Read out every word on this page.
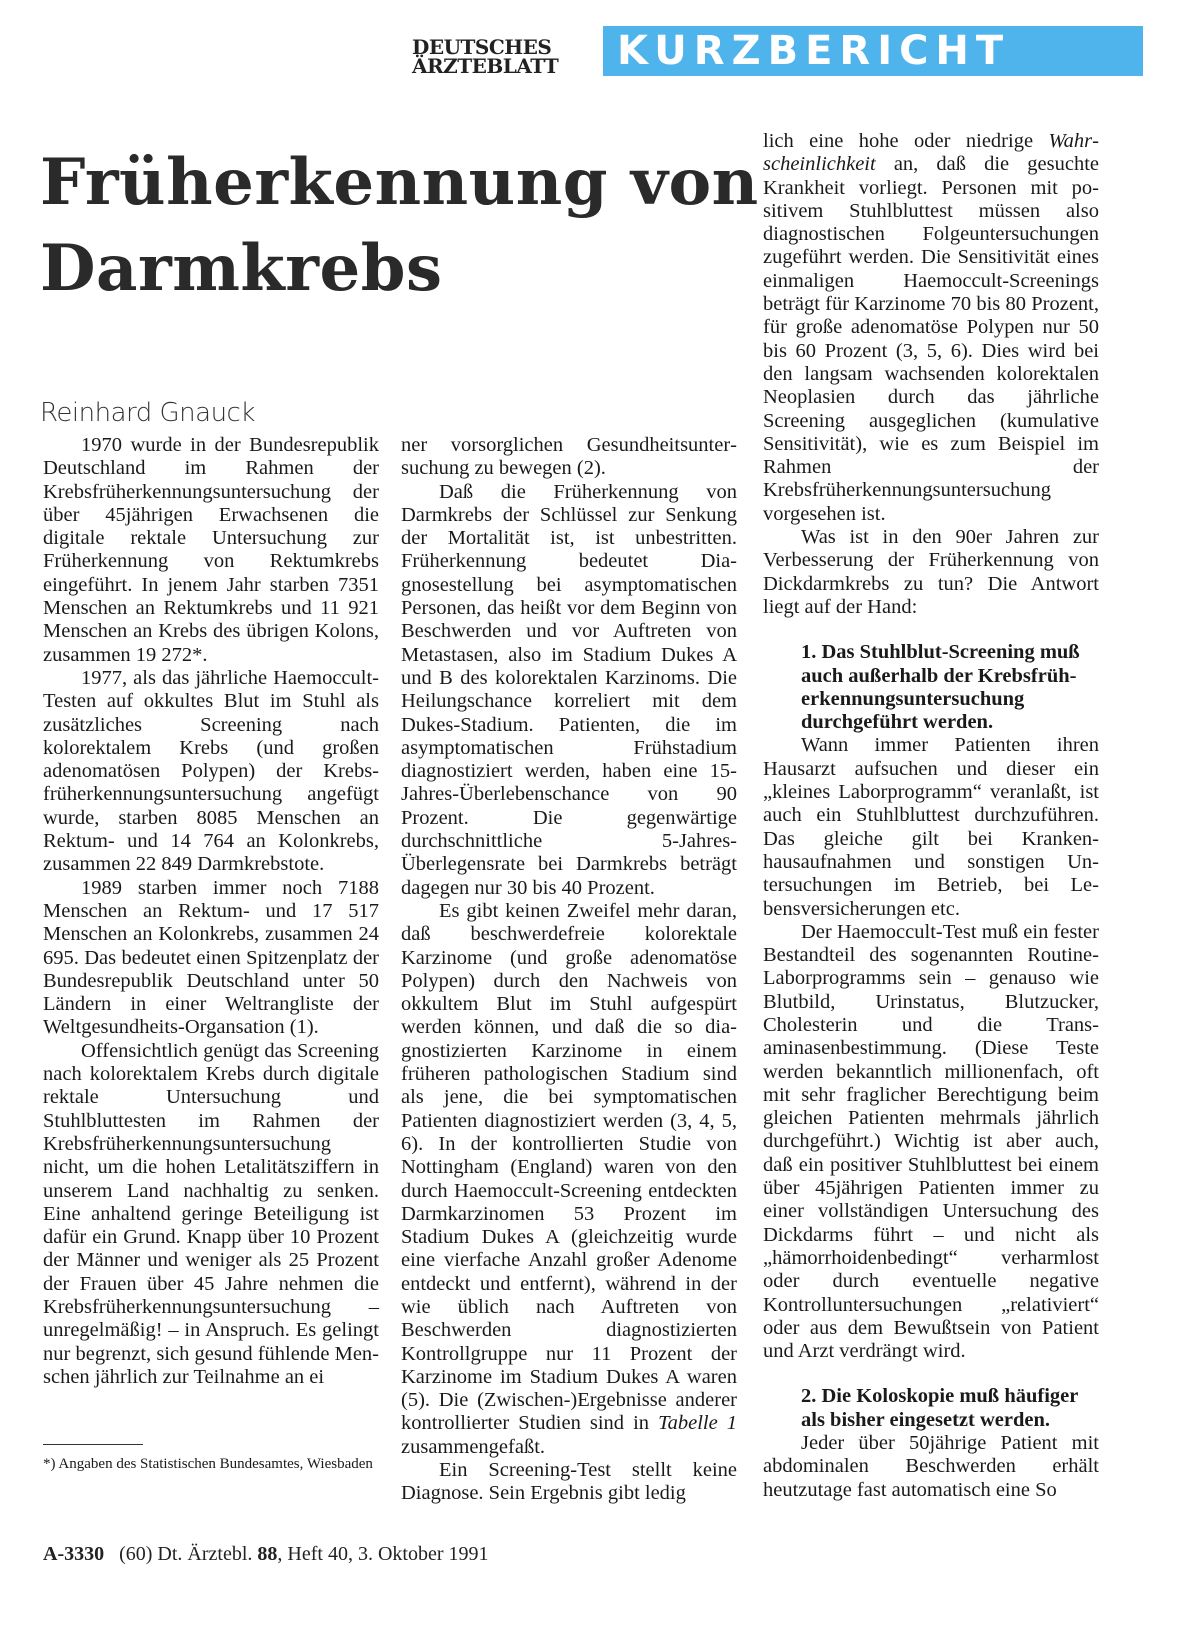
DEUTSCHES
ÄRZTEBLATT	KURZBERICHT
Früherkennung von
Darmkrebs
Reinhard Gnauck

1970 wurde in der Bundesrepublik Deutschland im Rahmen der Krebsfrüherkennungsuntersuchung der über 45jährigen Erwachsenen die digitale rektale Untersuchung zur Früherkennung von Rektumkrebs eingeführt. In jenem Jahr starben 7351 Menschen an Rektumkrebs und 11 921 Menschen an Krebs des übrigen Kolons, zusammen 19 272*.

1977, als das jährliche Haemoccult-Testen auf okkultes Blut im Stuhl als zusätzliches Screening nach kolorektalem Krebs (und großen adenomatösen Polypen) der Krebsfrüherkennungsuntersuchung angefügt wurde, starben 8085 Menschen an Rektum- und 14 764 an Kolonkrebs, zusammen 22 849 Darmkrebstote.

1989 starben immer noch 7188 Menschen an Rektum- und 17 517 Menschen an Kolonkrebs, zusammen 24 695. Das bedeutet einen Spitzenplatz der Bundesrepublik Deutschland unter 50 Ländern in einer Weltrangliste der Weltgesundheits-Organsation (1).

Offensichtlich genügt das Screening nach kolorektalem Krebs durch digitale rektale Untersuchung und Stuhlbluttesten im Rahmen der Krebsfrüherkennungsuntersuchung nicht, um die hohen Letalitätsziffern in unserem Land nachhaltig zu senken. Eine anhaltend geringe Beteiligung ist dafür ein Grund. Knapp über 10 Prozent der Männer und weniger als 25 Prozent der Frauen über 45 Jahre nehmen die Krebsfrüherkennungsuntersuchung – unregelmäßig! – in Anspruch. Es gelingt nur begrenzt, sich gesund fühlende Menschen jährlich zur Teilnahme an ei

*) Angaben des Statistischen Bundesamtes, Wiesbaden

ner vorsorglichen Gesundheitsuntersuchung zu bewegen (2).

Daß die Früherkennung von Darmkrebs der Schlüssel zur Senkung der Mortalität ist, ist unbestritten. Früherkennung bedeutet Diagnosestellung bei asymptomatischen Personen, das heißt vor dem Beginn von Beschwerden und vor Auftreten von Metastasen, also im Stadium Dukes A und B des kolorektalen Karzinoms. Die Heilungschance korreliert mit dem Dukes-Stadium. Patienten, die im asymptomatischen Frühstadium diagnostiziert werden, haben eine 15-Jahres-Überlebenschance von 90 Prozent. Die gegenwärtige durchschnittliche 5-Jahres-Überlegensrate bei Darmkrebs beträgt dagegen nur 30 bis 40 Prozent.

Es gibt keinen Zweifel mehr daran, daß beschwerdefreie kolorektale Karzinome (und große adenomatöse Polypen) durch den Nachweis von okkultem Blut im Stuhl aufgespürt werden können, und daß die so diagnostizierten Karzinome in einem früheren pathologischen Stadium sind als jene, die bei symptomatischen Patienten diagnostiziert werden (3, 4, 5, 6). In der kontrollierten Studie von Nottingham (England) waren von den durch Haemoccult-Screening entdeckten Darmkarzinomen 53 Prozent im Stadium Dukes A (gleichzeitig wurde eine vierfache Anzahl großer Adenome entdeckt und entfernt), während in der wie üblich nach Auftreten von Beschwerden diagnostizierten Kontrollgruppe nur 11 Prozent der Karzinome im Stadium Dukes A waren (5). Die (Zwischen-)Ergebnisse anderer kontrollierter Studien sind in Tabelle 1 zusammengefaßt.

Ein Screening-Test stellt keine Diagnose. Sein Ergebnis gibt ledig

lich eine hohe oder niedrige Wahrscheinlichkeit an, daß die gesuchte Krankheit vorliegt. Personen mit positivem Stuhlbluttest müssen also diagnostischen Folgeuntersuchungen zugeführt werden. Die Sensitivität eines einmaligen Haemoccult-Screenings beträgt für Karzinome 70 bis 80 Prozent, für große adenomatöse Polypen nur 50 bis 60 Prozent (3, 5, 6). Dies wird bei den langsam wachsenden kolorektalen Neoplasien durch das jährliche Screening ausgeglichen (kumulative Sensitivität), wie es zum Beispiel im Rahmen der Krebsfrüherkennungsuntersuchung vorgesehen ist.

Was ist in den 90er Jahren zur Verbesserung der Früherkennung von Dickdarmkrebs zu tun? Die Antwort liegt auf der Hand:

1. Das Stuhlblut-Screening muß auch außerhalb der Krebsfrüherkennungsuntersuchung durchgeführt werden.

Wann immer Patienten ihren Hausarzt aufsuchen und dieser ein „kleines Laborprogramm“ veranlaßt, ist auch ein Stuhlbluttest durchzuführen. Das gleiche gilt bei Krankenhausaufnahmen und sonstigen Untersuchungen im Betrieb, bei Lebensversicherungen etc.

Der Haemoccult-Test muß ein fester Bestandteil des sogenannten Routine-Laborprogramms sein – genauso wie Blutbild, Urinstatus, Blutzucker, Cholesterin und die Transaminasenbestimmung. (Diese Teste werden bekanntlich millionenfach, oft mit sehr fraglicher Berechtigung beim gleichen Patienten mehrmals jährlich durchgeführt.) Wichtig ist aber auch, daß ein positiver Stuhlbluttest bei einem über 45jährigen Patienten immer zu einer vollständigen Untersuchung des Dickdarms führt – und nicht als „hämorrhoidenbedingt“ verharmlost oder durch eventuelle negative Kontrolluntersuchungen „relativiert“ oder aus dem Bewußtsein von Patient und Arzt verdrängt wird.

2. Die Koloskopie muß häufiger als bisher eingesetzt werden.

Jeder über 50jährige Patient mit abdominalen Beschwerden erhält heutzutage fast automatisch eine So

A-3330 (60) Dt. Ärztebl. 88, Heft 40, 3. Oktober 1991
